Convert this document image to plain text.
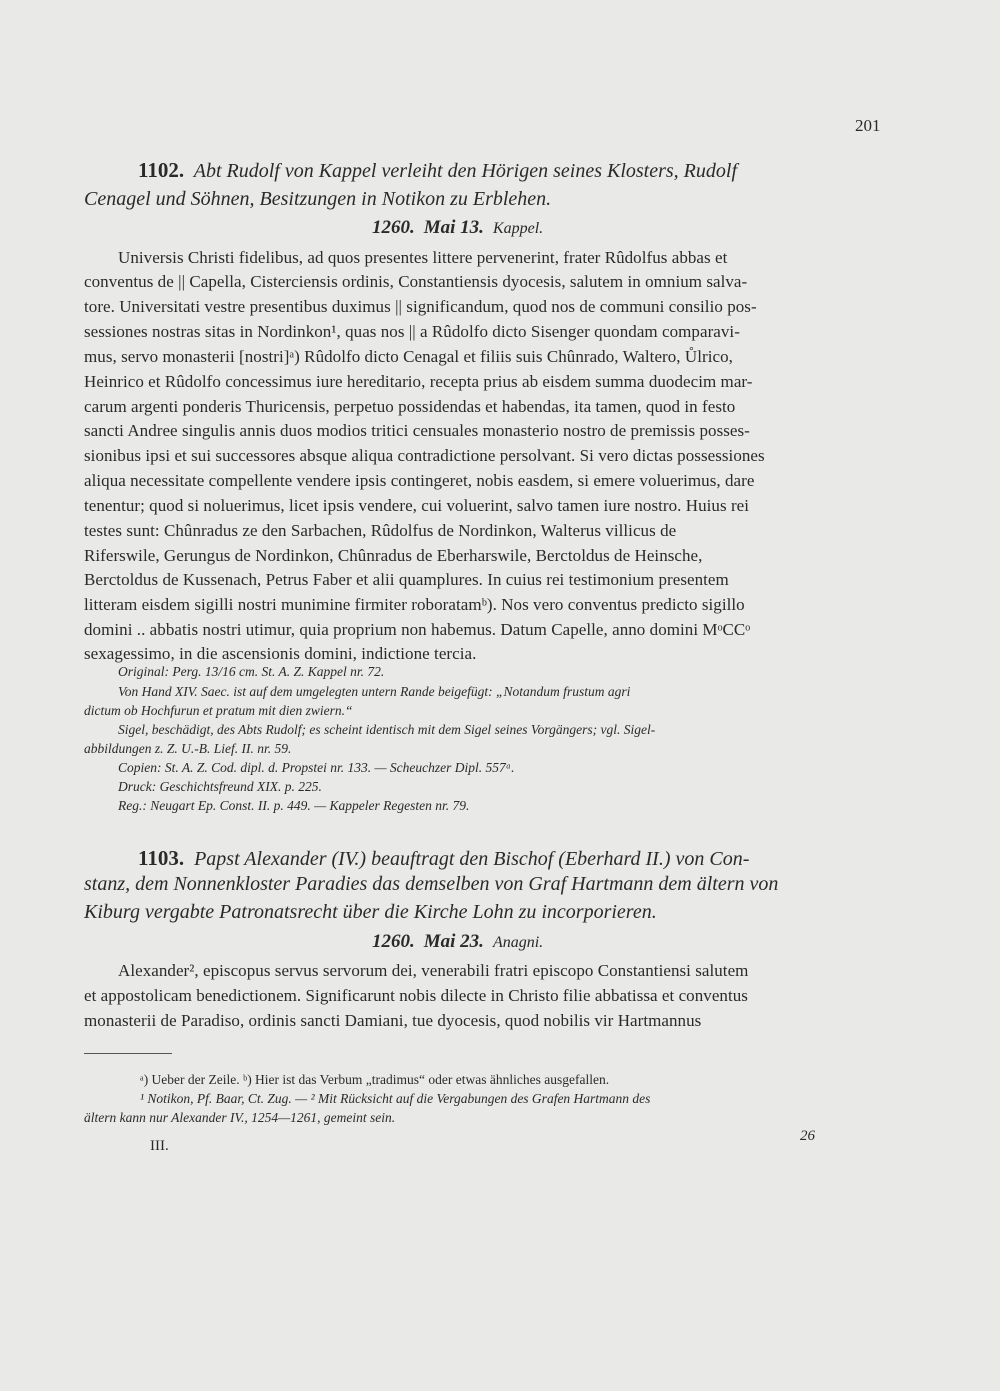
201
1102. Abt Rudolf von Kappel verleiht den Hörigen seines Klosters, Rudolf
Cenagel und Söhnen, Besitzungen in Notikon zu Erblehen.
1260. Mai 13. Kappel.
Universis Christi fidelibus, ad quos presentes littere pervenerint, frater Rûdolfus abbas et
conventus de || Capella, Cisterciensis ordinis, Constantiensis dyocesis, salutem in omnium salva-
tore. Universitati vestre presentibus duximus || significandum, quod nos de communi consilio pos-
sessiones nostras sitas in Nordinkon¹, quas nos || a Rûdolfo dicto Sisenger quondam comparavi-
mus, servo monasterii [nostri]ᵃ) Rûdolfo dicto Cenagal et filiis suis Chûnrado, Waltero, Ůlrico,
Heinrico et Rûdolfo concessimus iure hereditario, recepta prius ab eisdem summa duodecim mar-
carum argenti ponderis Thuricensis, perpetuo possidendas et habendas, ita tamen, quod in festo
sancti Andree singulis annis duos modios tritici censuales monasterio nostro de premissis posses-
sionibus ipsi et sui successores absque aliqua contradictione persolvant. Si vero dictas possessiones
aliqua necessitate compellente vendere ipsis contingeret, nobis easdem, si emere voluerimus, dare
tenentur; quod si noluerimus, licet ipsis vendere, cui voluerint, salvo tamen iure nostro. Huius rei
testes sunt: Chûnradus ze den Sarbachen, Rûdolfus de Nordinkon, Walterus villicus de
Riferswile, Gerungus de Nordinkon, Chûnradus de Eberharswile, Berctoldus de Heinsche,
Berctoldus de Kussenach, Petrus Faber et alii quamplures. In cuius rei testimonium presentem
litteram eisdem sigilli nostri munimine firmiter roboratamᵇ). Nos vero conventus predicto sigillo
domini .. abbatis nostri utimur, quia proprium non habemus. Datum Capelle, anno domini MᵒCCᵒ
sexagessimo, in die ascensionis domini, indictione tercia.
Original: Perg. 13/16 cm. St. A. Z. Kappel nr. 72.
Von Hand XIV. Saec. ist auf dem umgelegten untern Rande beigefügt: „Notandum frustum agri
dictum ob Hochfurun et pratum mit dien zwiern.“
Sigel, beschädigt, des Abts Rudolf; es scheint identisch mit dem Sigel seines Vorgängers; vgl. Sigel-
abbildungen z. Z. U.-B. Lief. II. nr. 59.
Copien: St. A. Z. Cod. dipl. d. Propstei nr. 133. — Scheuchzer Dipl. 557ᵃ.
Druck: Geschichtsfreund XIX. p. 225.
Reg.: Neugart Ep. Const. II. p. 449. — Kappeler Regesten nr. 79.
1103. Papst Alexander (IV.) beauftragt den Bischof (Eberhard II.) von Con-
stanz, dem Nonnenkloster Paradies das demselben von Graf Hartmann dem ältern von
Kiburg vergabte Patronatsrecht über die Kirche Lohn zu incorporieren.
1260. Mai 23. Anagni.
Alexander², episcopus servus servorum dei, venerabili fratri episcopo Constantiensi salutem
et appostolicam benedictionem. Significarunt nobis dilecte in Christo filie abbatissa et conventus
monasterii de Paradiso, ordinis sancti Damiani, tue dyocesis, quod nobilis vir Hartmannus
ᵃ) Ueber der Zeile. ᵇ) Hier ist das Verbum „tradimus“ oder etwas ähnliches ausgefallen.
¹ Notikon, Pf. Baar, Ct. Zug. — ² Mit Rücksicht auf die Vergabungen des Grafen Hartmann des
ältern kann nur Alexander IV., 1254—1261, gemeint sein.
III.
26
